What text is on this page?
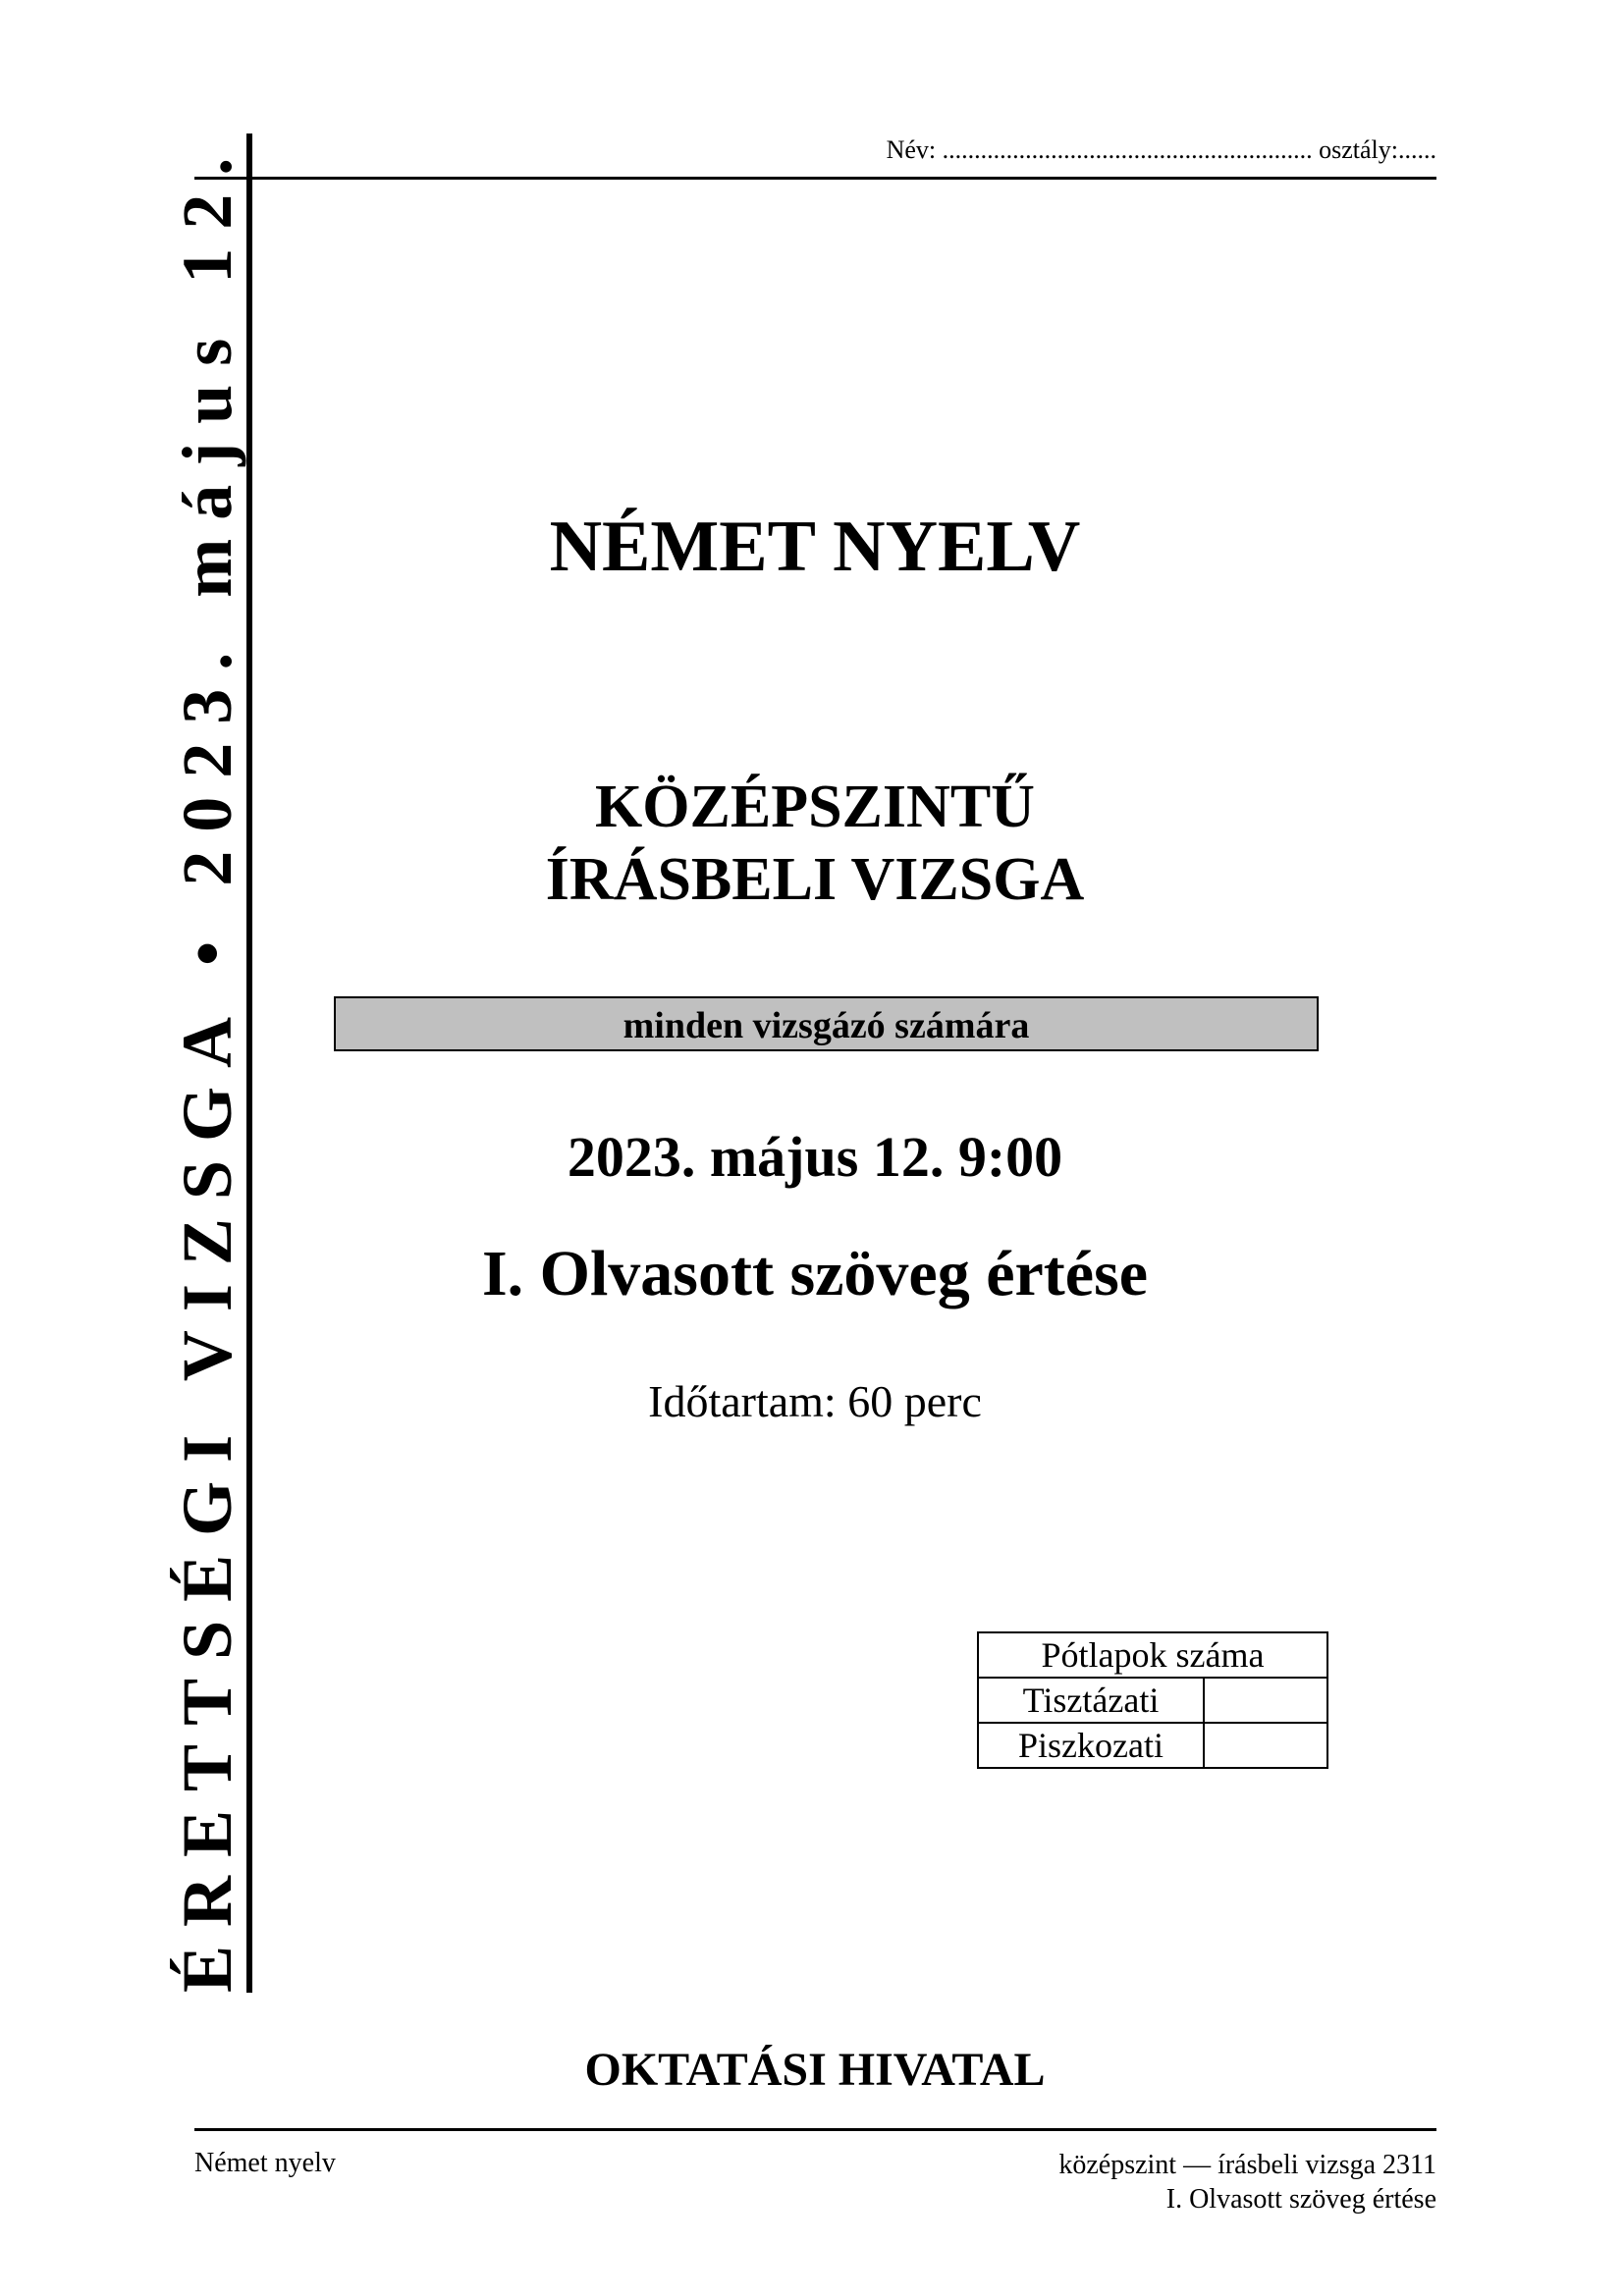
Név: .......................................................... osztály:......
ÉRETTSÉGI VIZSGA • 2023. május 12.	NÉMET NYELV
KÖZÉPSZINTŰ
ÍRÁSBELI VIZSGA
minden vizsgázó számára
2023. május 12. 9:00
I. Olvasott szöveg értése
Időtartam: 60 perc
Pótlapok száma	
Tisztázati	
Piszkozati	
OKTATÁSI HIVATAL
Német nyelv	középszint — írásbeli vizsga 2311
I. Olvasott szöveg értése
